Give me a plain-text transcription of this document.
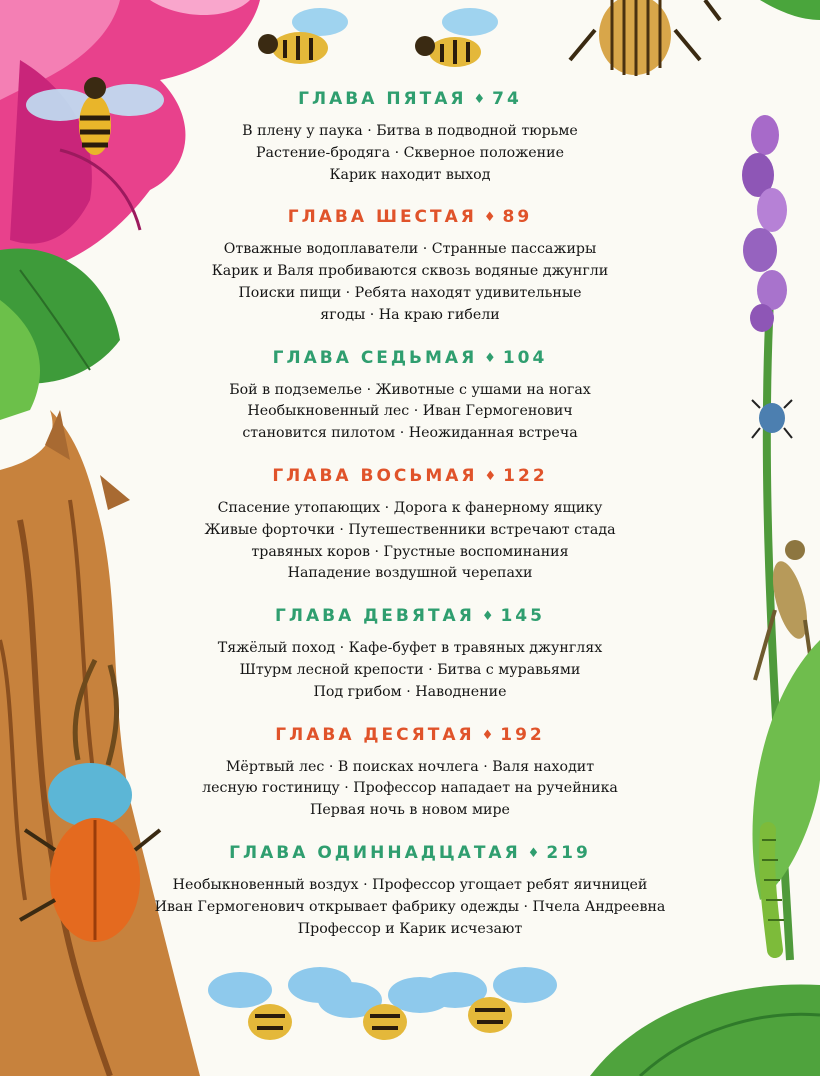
ГЛАВА ПЯТАЯ ♦ 74
В плену у паука · Битва в подводной тюрьме
Растение-бродяга · Скверное положение
Карик находит выход
ГЛАВА ШЕСТАЯ ♦ 89
Отважные водоплаватели · Странные пассажиры
Карик и Валя пробиваются сквозь водяные джунгли
Поиски пищи · Ребята находят удивительные
ягоды · На краю гибели
ГЛАВА СЕДЬМАЯ ♦ 104
Бой в подземелье · Животные с ушами на ногах
Необыкновенный лес · Иван Гермогенович
становится пилотом · Неожиданная встреча
ГЛАВА ВОСЬМАЯ ♦ 122
Спасение утопающих · Дорога к фанерному ящику
Живые форточки · Путешественники встречают стада
травяных коров · Грустные воспоминания
Нападение воздушной черепахи
ГЛАВА ДЕВЯТАЯ ♦ 145
Тяжёлый поход · Кафе-буфет в травяных джунглях
Штурм лесной крепости · Битва с муравьями
Под грибом · Наводнение
ГЛАВА ДЕСЯТАЯ ♦ 192
Мёртвый лес · В поисках ночлега · Валя находит
лесную гостиницу · Профессор нападает на ручейника
Первая ночь в новом мире
ГЛАВА ОДИННАДЦАТАЯ ♦ 219
Необыкновенный воздух · Профессор угощает ребят яичницей
Иван Гермогенович открывает фабрику одежды · Пчела Андреевна
Профессор и Карик исчезают
